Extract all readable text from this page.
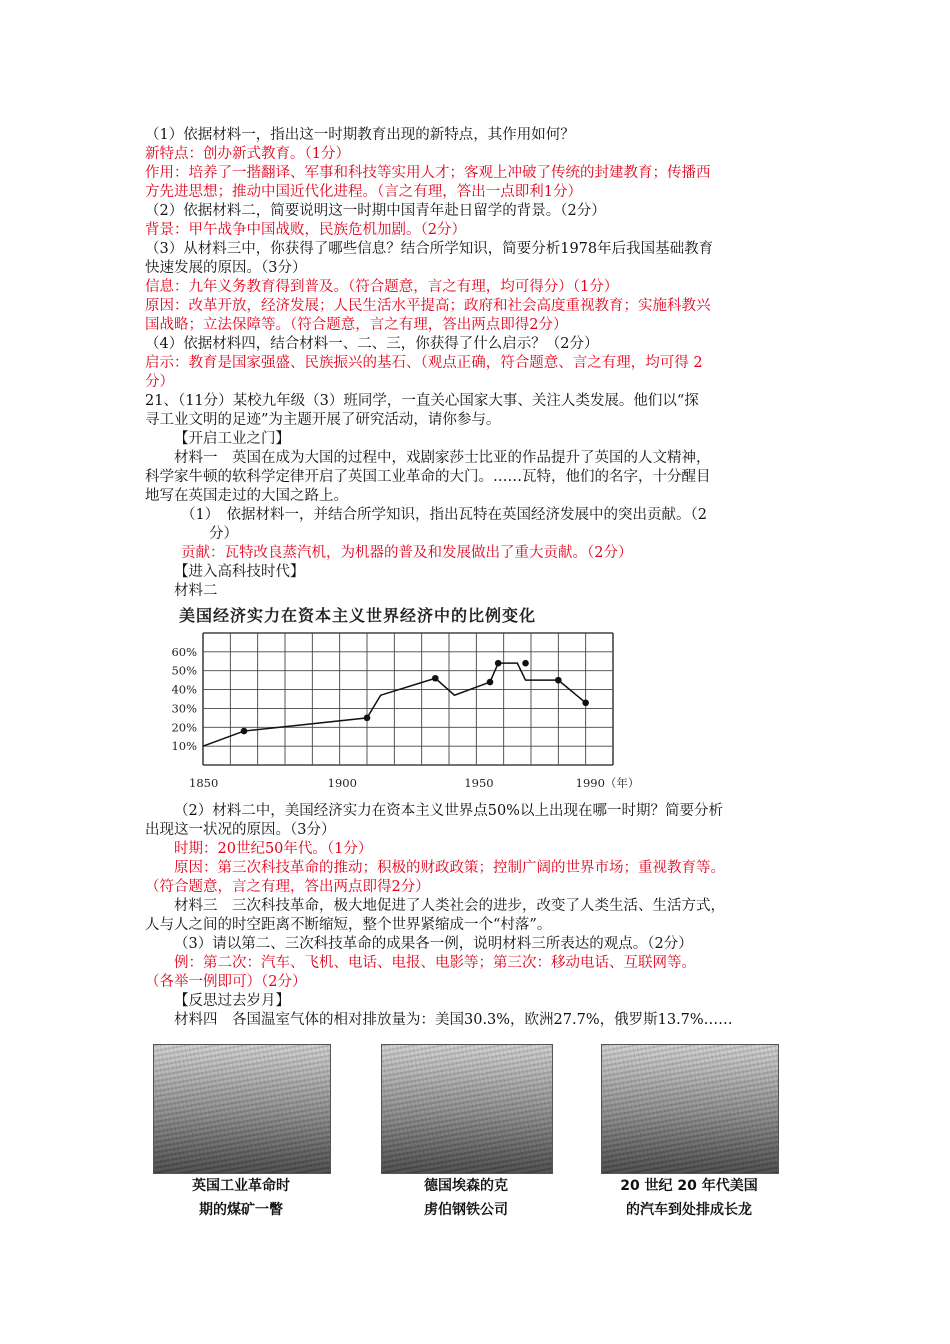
（1）依据材料一，指出这一时期教育出现的新特点，其作用如何？
新特点：创办新式教育。（1分）
作用：培养了一揩翻译、军事和科技等实用人才；客观上冲破了传统的封建教育；传播西
方先进思想；推动中国近代化进程。（言之有理，答出一点即利1分）
（2）依据材料二，简要说明这一时期中国青年赴日留学的背景。（2分）
背景：甲午战争中国战败，民族危机加剧。（2分）
（3）从材料三中，你获得了哪些信息？结合所学知识，简要分析1978年后我国基础教育
快速发展的原因。（3分）
信息：九年义务教育得到普及。（符合题意，言之有理，均可得分）（1分）
原因：改革开放，经济发展；人民生活水平提高；政府和社会高度重视教育；实施科教兴
国战略；立法保障等。（符合题意，言之有理，答出两点即得2分）
（4）依据材料四，结合材料一、二、三，你获得了什么启示？（2分）
启示：教育是国家强盛、民族振兴的基石、（观点正确，符合题意、言之有理，均可得 2
分）
21、（11分）某校九年级（3）班同学，一直关心国家大事、关注人类发展。他们以“探
寻工业文明的足迹”为主题开展了研究活动，请你参与。
【开启工业之门】
材料一　英国在成为大国的过程中，戏剧家莎士比亚的作品提升了英国的人文精神，
科学家牛顿的软科学定律开启了英国工业革命的大门。……瓦特，他们的名字，十分醒目
地写在英国走过的大国之路上。
（1）　依据材料一，并结合所学知识，指出瓦特在英国经济发展中的突出贡献。（2
分）
贡献：瓦特改良蒸汽机，为机器的普及和发展做出了重大贡献。（2分）
【进入高科技时代】
材料二
美国经济实力在资本主义世界经济中的比例变化
60%
50%
40%
30%
20%
10%
1850	1900	1950	1990（年）
（2）材料二中，美国经济实力在资本主义世界点50%以上出现在哪一时期？简要分析
出现这一状况的原因。（3分）
时期：20世纪50年代。（1分）
原因：第三次科技革命的推动；积极的财政政策；控制广阔的世界市场；重视教育等。
（符合题意，言之有理，答出两点即得2分）
材料三　三次科技革命，极大地促进了人类社会的进步，改变了人类生活、生活方式，
人与人之间的时空距离不断缩短，整个世界紧缩成一个“村落”。
（3）请以第二、三次科技革命的成果各一例，说明材料三所表达的观点。（2分）
例：第二次：汽车、飞机、电话、电报、电影等；第三次：移动电话、互联网等。
（各举一例即可）（2分）
【反思过去岁月】
材料四　各国温室气体的相对排放量为：美国30.3%，欧洲27.7%，俄罗斯13.7%……
英国工业革命时
期的煤矿一瞥
德国埃森的克
虏伯钢铁公司
20 世纪 20 年代美国
的汽车到处排成长龙
